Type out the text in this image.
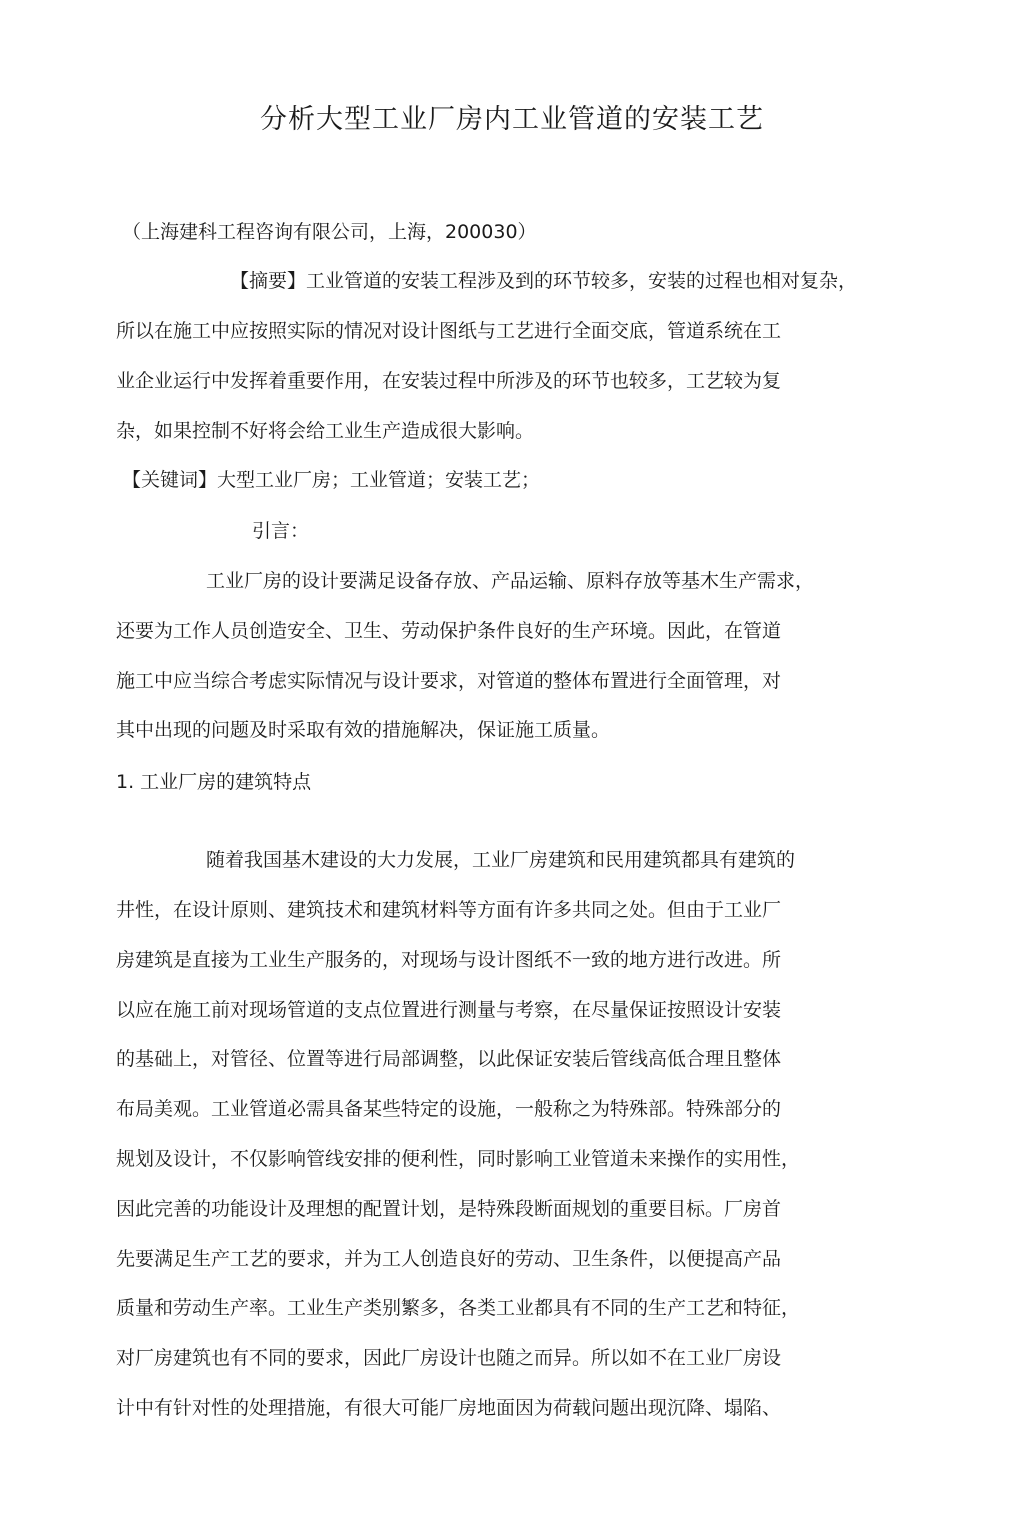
分析大型工业厂房内工业管道的安装工艺
（上海建科工程咨询有限公司，上海，200030）
【摘要】工业管道的安装工程涉及到的环节较多，安装的过程也相对复杂，
所以在施工中应按照实际的情况对设计图纸与工艺进行全面交底，管道系统在工
业企业运行中发挥着重要作用，在安装过程中所涉及的环节也较多，工艺较为复
杂，如果控制不好将会给工业生产造成很大影响。
【关键词】大型工业厂房；工业管道；安装工艺；
引言：
工业厂房的设计要满足设备存放、产品运输、原料存放等基木生产需求，
还要为工作人员创造安全、卫生、劳动保护条件良好的生产环境。因此，在管道
施工中应当综合考虑实际情况与设计要求，对管道的整体布置进行全面管理，对
其中出现的问题及时采取有效的措施解决，保证施工质量。
1. 工业厂房的建筑特点
随着我国基木建设的大力发展，工业厂房建筑和民用建筑都具有建筑的
井性，在设计原则、建筑技术和建筑材料等方面有许多共同之处。但由于工业厂
房建筑是直接为工业生产服务的，对现场与设计图纸不一致的地方进行改进。所
以应在施工前对现场管道的支点位置进行测量与考察，在尽量保证按照设计安装
的基础上，对管径、位置等进行局部调整，以此保证安装后管线高低合理且整体
布局美观。工业管道必需具备某些特定的设施，一般称之为特殊部。特殊部分的
规划及设计，不仅影响管线安排的便利性，同时影响工业管道未来操作的实用性，
因此完善的功能设计及理想的配置计划，是特殊段断面规划的重要目标。厂房首
先要满足生产工艺的要求，并为工人创造良好的劳动、卫生条件，以便提高产品
质量和劳动生产率。工业生产类别繁多，各类工业都具有不同的生产工艺和特征，
对厂房建筑也有不同的要求，因此厂房设计也随之而异。所以如不在工业厂房设
计中有针对性的处理措施，有很大可能厂房地面因为荷载问题出现沉降、塌陷、
